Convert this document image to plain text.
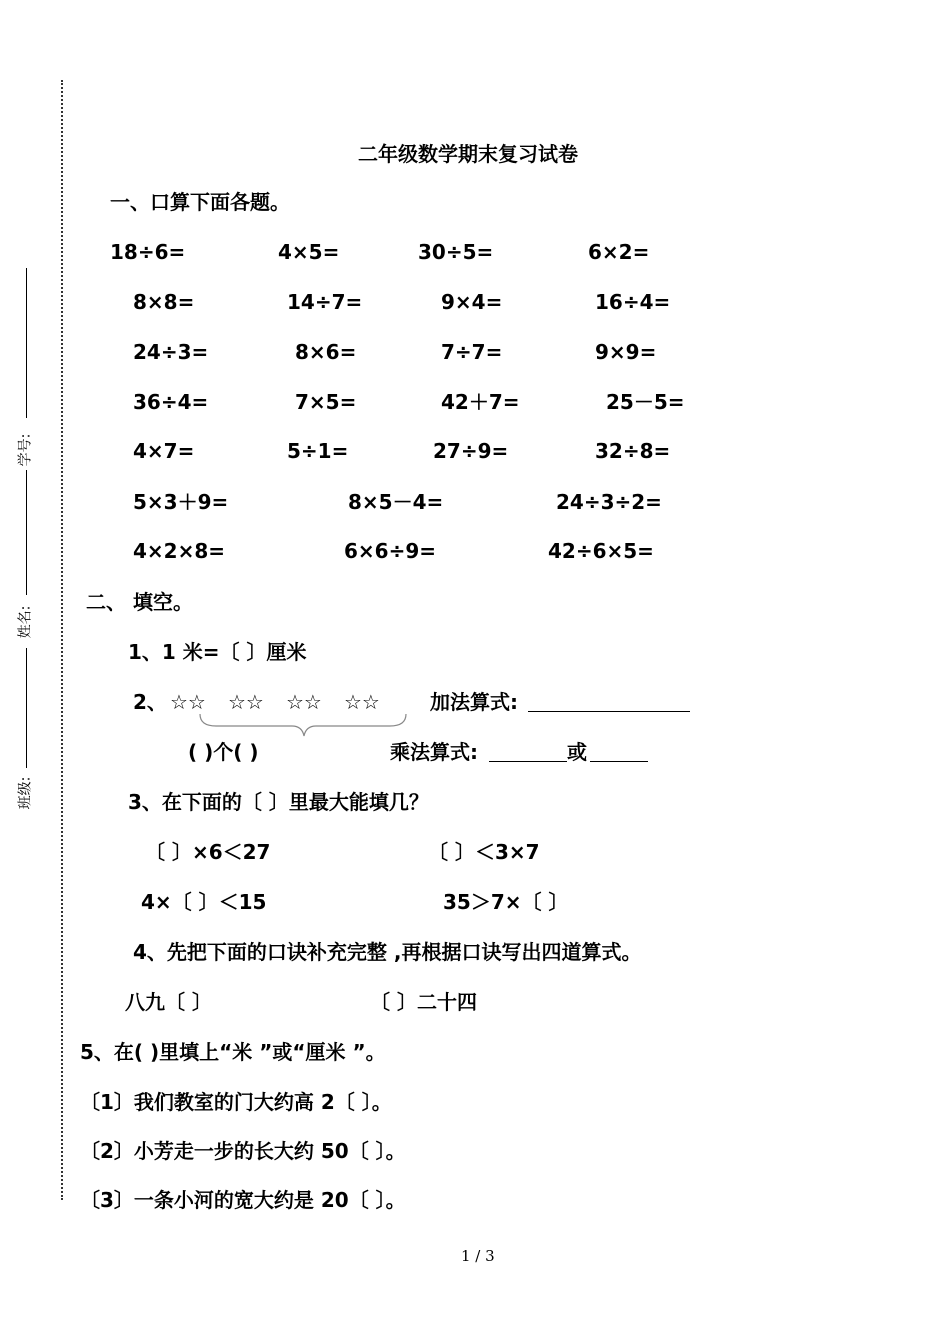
学号:
姓名:
班级:
二年级数学期末复习试卷
一、口算下面各题。
18÷6=	4×5=	30÷5=	6×2=
8×8=	14÷7=	9×4=	16÷4=
24÷3=	8×6=	7÷7=	9×9=
36÷4=	7×5=	42＋7=	25－5=
4×7=	5÷1=	27÷9=	32÷8=
5×3＋9=	8×5－4=	24÷3÷2=
4×2×8=	6×6÷9=	42÷6×5=
二、 填空。
1、1 米=〔 〕厘米
2、 ☆☆ ☆☆ ☆☆ ☆☆	加法算式:
( )个( )	乘法算式:	或
3、在下面的〔 〕里最大能填几？
〔 〕×6＜27	〔 〕＜3×7
4×〔 〕＜15	35＞7×〔 〕
4、先把下面的口诀补充完整 ,再根据口诀写出四道算式。
八九〔 〕	〔 〕二十四
5、在( )里填上“米 ”或“厘米 ”。
〔1〕我们教室的门大约高 2〔 〕。
〔2〕小芳走一步的长大约 50〔 〕。
〔3〕一条小河的宽大约是 20〔 〕。
1 / 3
